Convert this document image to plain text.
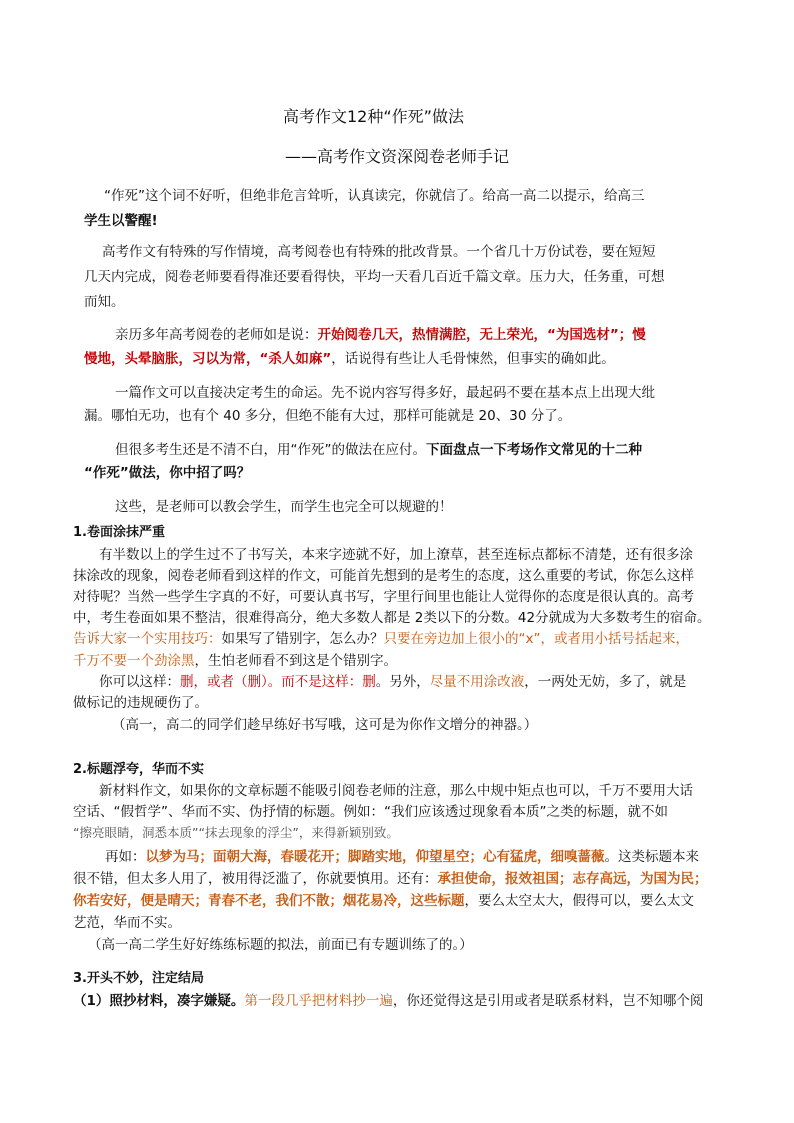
高考作文12种“作死”做法
——高考作文资深阅卷老师手记
“作死”这个词不好听，但绝非危言耸听，认真读完，你就信了。给高一高二以提示，给高三
学生以警醒!
高考作文有特殊的写作情境，高考阅卷也有特殊的批改背景。一个省几十万份试卷，要在短短
几天内完成，阅卷老师要看得准还要看得快，平均一天看几百近千篇文章。压力大，任务重，可想
而知。
亲历多年高考阅卷的老师如是说：开始阅卷几天，热情满腔，无上荣光，“为国选材”；慢
慢地，头晕脑胀，习以为常，“杀人如麻”，话说得有些让人毛骨悚然，但事实的确如此。
一篇作文可以直接决定考生的命运。先不说内容写得多好，最起码不要在基本点上出现大纰
漏。哪怕无功，也有个 40 多分，但绝不能有大过，那样可能就是 20、30 分了。
但很多考生还是不清不白，用“作死”的做法在应付。下面盘点一下考场作文常见的十二种
“作死”做法，你中招了吗？
这些，是老师可以教会学生，而学生也完全可以规避的！
1.卷面涂抹严重
有半数以上的学生过不了书写关，本来字迹就不好，加上潦草，甚至连标点都标不清楚，还有很多涂
抹涂改的现象，阅卷老师看到这样的作文，可能首先想到的是考生的态度，这么重要的考试，你怎么这样
对待呢？当然一些学生字真的不好，可要认真书写，字里行间里也能让人觉得你的态度是很认真的。高考
中，考生卷面如果不整洁，很难得高分，绝大多数人都是 2类以下的分数。42分就成为大多数考生的宿命。
告诉大家一个实用技巧：如果写了错别字，怎么办？只要在旁边加上很小的“ⅹ”，或者用小括号括起来，
千万不要一个劲涂黑，生怕老师看不到这是个错别字。
你可以这样：删，或者（删）。而不是这样：删。另外，尽量不用涂改液，一两处无妨，多了，就是
做标记的违规硬伤了。
（高一，高二的同学们趁早练好书写哦，这可是为你作文增分的神器。）
2.标题浮夸，华而不实
新材料作文，如果你的文章标题不能吸引阅卷老师的注意，那么中规中矩点也可以，千万不要用大话
空话、“假哲学”、华而不实、伪抒情的标题。例如：“我们应该透过现象看本质”之类的标题，就不如
“擦亮眼睛，洞悉本质”“抹去现象的浮尘”，来得新颖别致。
再如：以梦为马；面朝大海，春暖花开；脚踏实地，仰望星空；心有猛虎，细嗅蔷薇。这类标题本来
很不错，但太多人用了，被用得泛滥了，你就要慎用。还有：承担使命，报效祖国；志存高远，为国为民；
你若安好，便是晴天；青春不老，我们不散；烟花易冷，这些标题，要么太空太大，假得可以，要么太文
艺范，华而不实。
（高一高二学生好好练练标题的拟法，前面已有专题训练了的。）
3.开头不妙，注定结局
（1）照抄材料，凑字嫌疑。第一段几乎把材料抄一遍，你还觉得这是引用或者是联系材料，岂不知哪个阅
